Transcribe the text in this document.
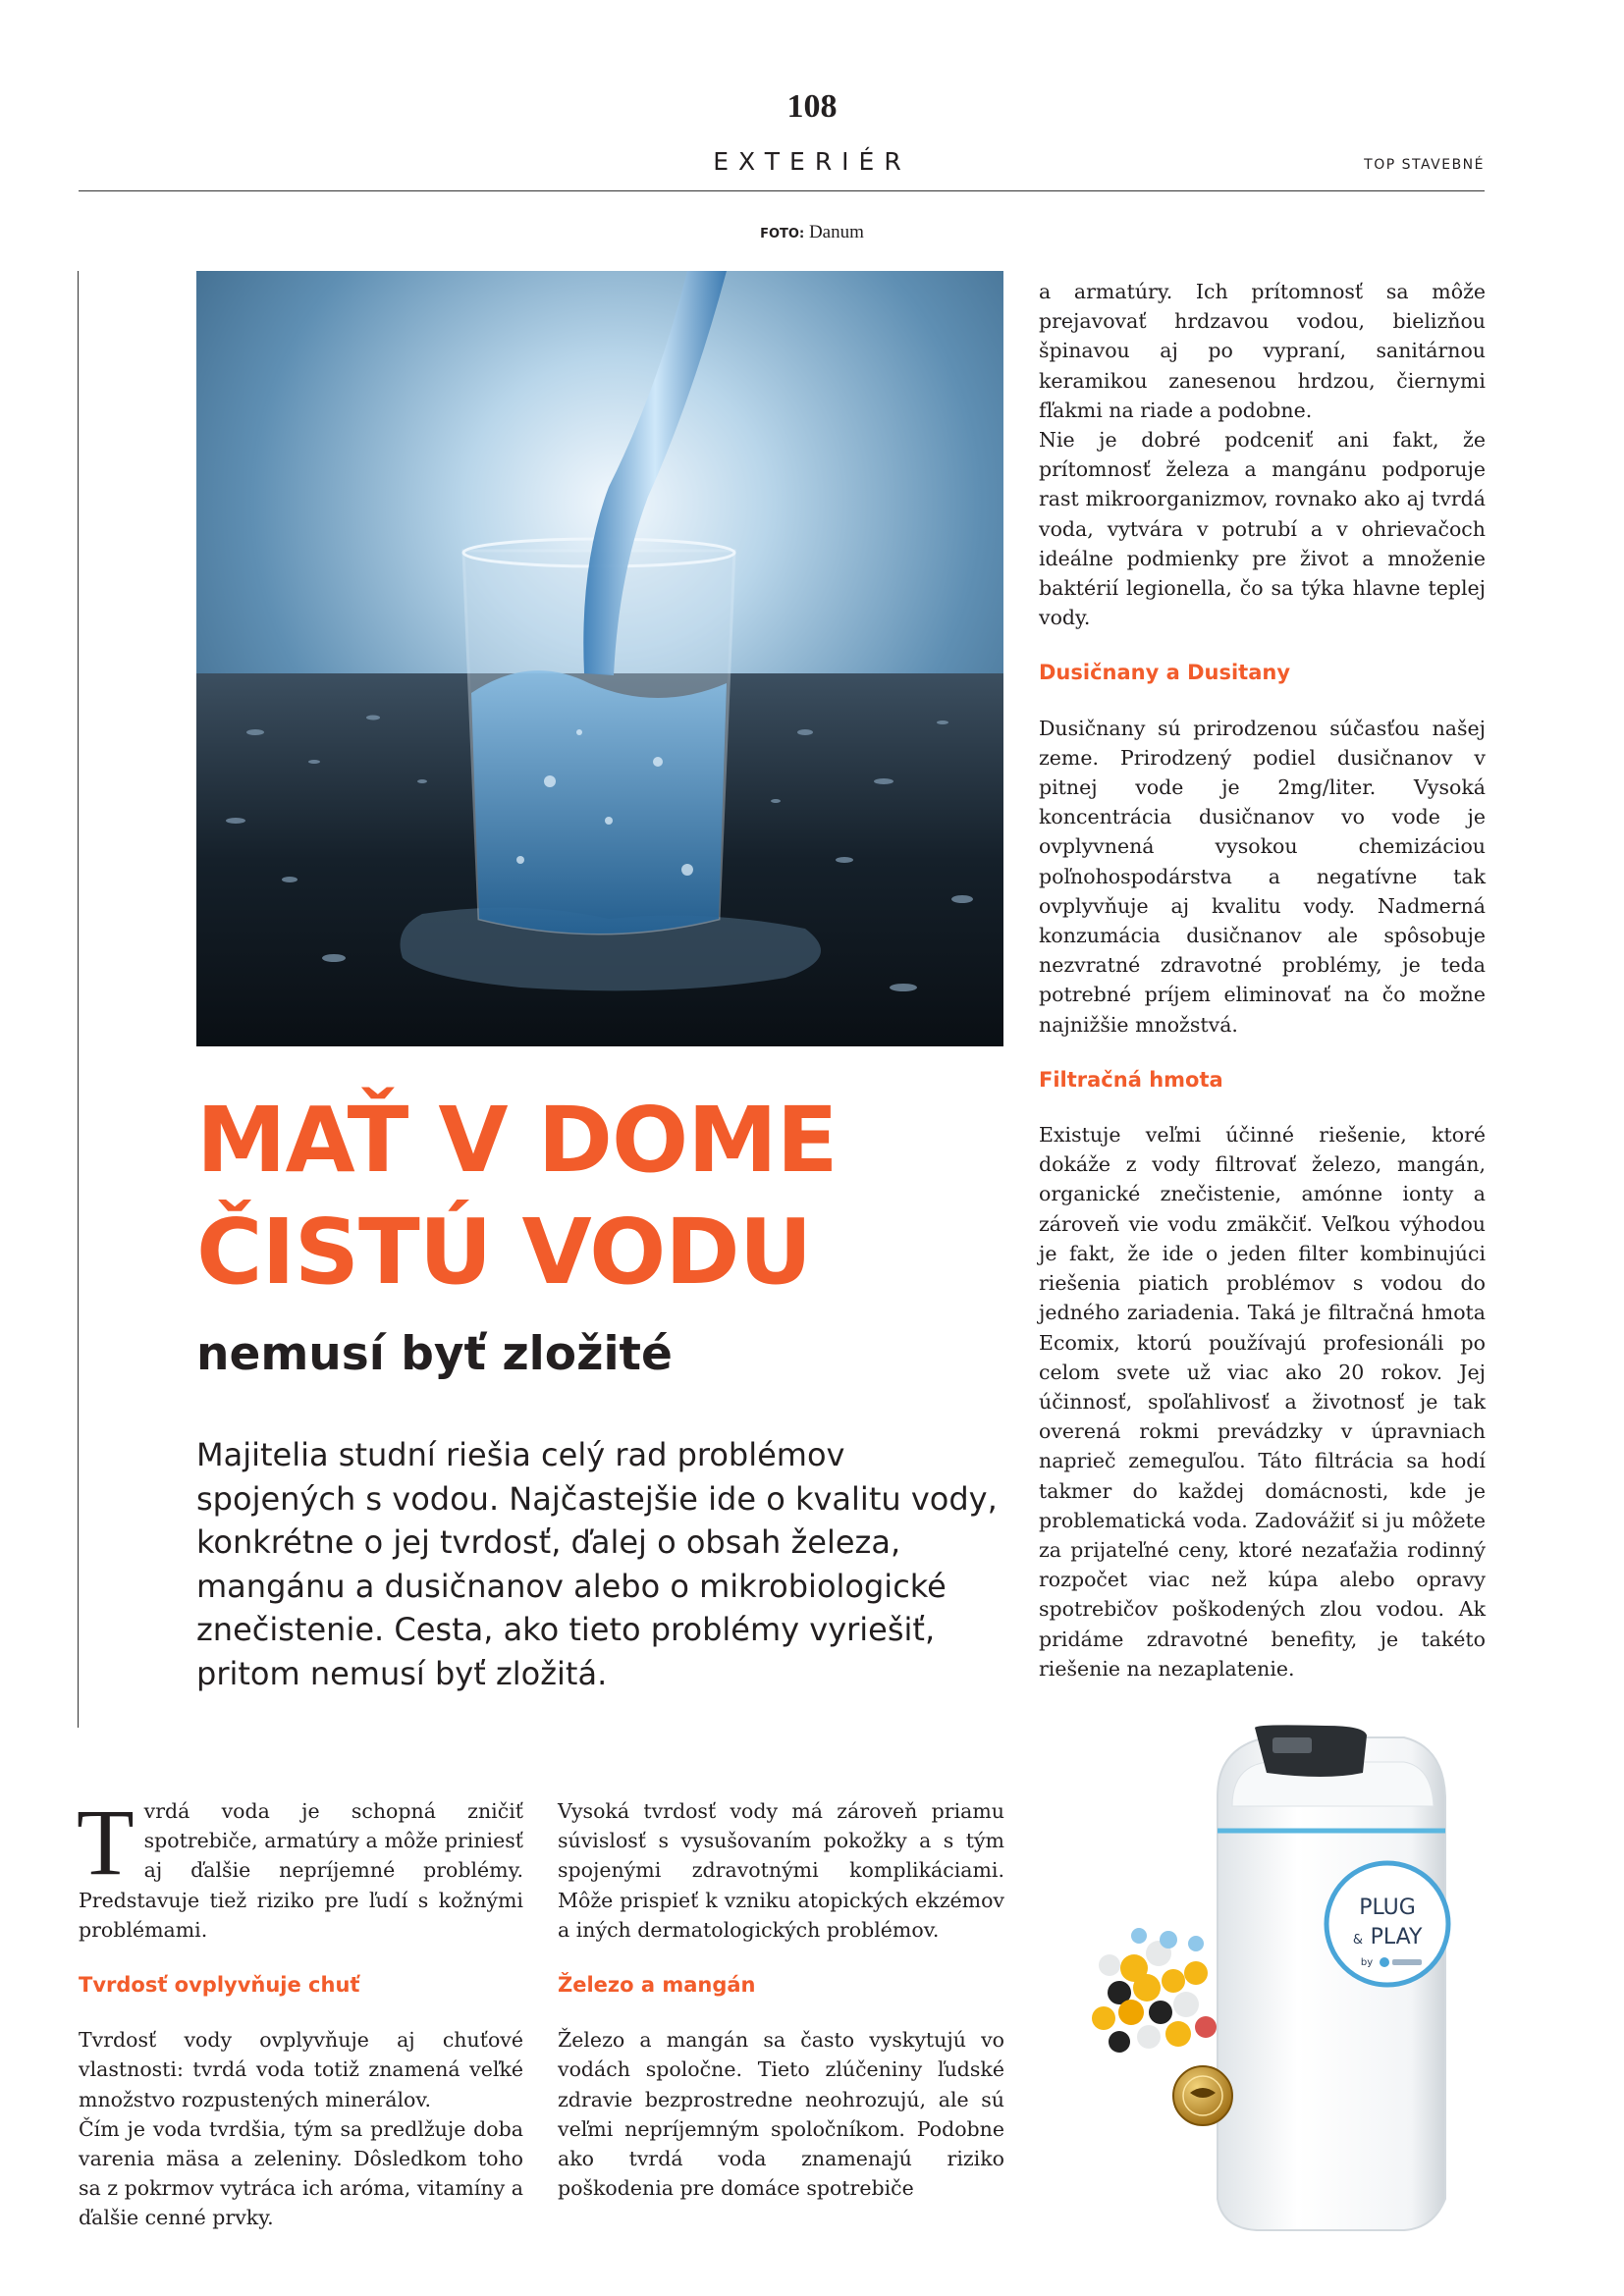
108
EXTERIÉR	TOP STAVEBNÉ
FOTO: Danum
MAŤ V DOME
ČISTÚ VODU
nemusí byť zložité
Majitelia studní riešia celý rad problémov spojených s vodou. Najčastejšie ide o kvalitu vody, konkrétne o jej tvrdosť, ďalej o obsah železa, mangánu a dusičnanov alebo o mikrobiologické znečistenie. Cesta, ako tieto problémy vyriešiť, pritom nemusí byť zložitá.

Tvrdá voda je schopná zničiť spotrebiče, armatúry a môže priniesť aj ďalšie nepríjemné problémy. Predstavuje tiež riziko pre ľudí s kožnými problémami.

Tvrdosť ovplyvňuje chuť

Tvrdosť vody ovplyvňuje aj chuťové vlastnosti: tvrdá voda totiž znamená veľké množstvo rozpustených minerálov.

Čím je voda tvrdšia, tým sa predlžuje doba varenia mäsa a zeleniny. Dôsledkom toho sa z pokrmov vytráca ich aróma, vitamíny a ďalšie cenné prvky.

Vysoká tvrdosť vody má zároveň priamu súvislosť s vysušovaním pokožky a s tým spojenými zdravotnými komplikáciami. Môže prispieť k vzniku atopických ekzémov a iných dermatologických problémov.

Železo a mangán

Železo a mangán sa často vyskytujú vo vodách spoločne. Tieto zlúčeniny ľudské zdravie bezprostredne neohrozujú, ale sú veľmi nepríjemným spoločníkom. Podobne ako tvrdá voda znamenajú riziko poškodenia pre domáce spotrebiče

a armatúry. Ich prítomnosť sa môže prejavovať hrdzavou vodou, bielizňou špinavou aj po vypraní, sanitárnou keramikou zanesenou hrdzou, čiernymi fľakmi na riade a podobne.

Nie je dobré podceniť ani fakt, že prítomnosť železa a mangánu podporuje rast mikroorganizmov, rovnako ako aj tvrdá voda, vytvára v potrubí a v ohrievačoch ideálne podmienky pre život a množenie baktérií legionella, čo sa týka hlavne teplej vody.

Dusičnany a Dusitany

Dusičnany sú prirodzenou súčasťou našej zeme. Prirodzený podiel dusičnanov v pitnej vode je 2mg/liter. Vysoká koncentrácia dusičnanov vo vode je ovplyvnená vysokou chemizáciou poľnohospodárstva a negatívne tak ovplyvňuje aj kvalitu vody. Nadmerná konzumácia dusičnanov ale spôsobuje nezvratné zdravotné problémy, je teda potrebné príjem eliminovať na čo možne najnižšie množstvá.

Filtračná hmota

Existuje veľmi účinné riešenie, ktoré dokáže z vody filtrovať železo, mangán, organické znečistenie, amónne ionty a zároveň vie vodu zmäkčiť. Veľkou výhodou je fakt, že ide o jeden filter kombinujúci riešenia piatich problémov s vodou do jedného zariadenia. Taká je filtračná hmota Ecomix, ktorú používajú profesionáli po celom svete už viac ako 20 rokov. Jej účinnosť, spoľahlivosť a životnosť je tak overená rokmi prevádzky v úpravniach naprieč zemeguľou. Táto filtrácia sa hodí takmer do každej domácnosti, kde je problematická voda. Zadovážiť si ju môžete za prijateľné ceny, ktoré nezaťažia rodinný rozpočet viac než kúpa alebo opravy spotrebičov poškodených zlou vodou. Ak pridáme zdravotné benefity, je takéto riešenie na nezaplatenie.

PLUG
& PLAY
by
